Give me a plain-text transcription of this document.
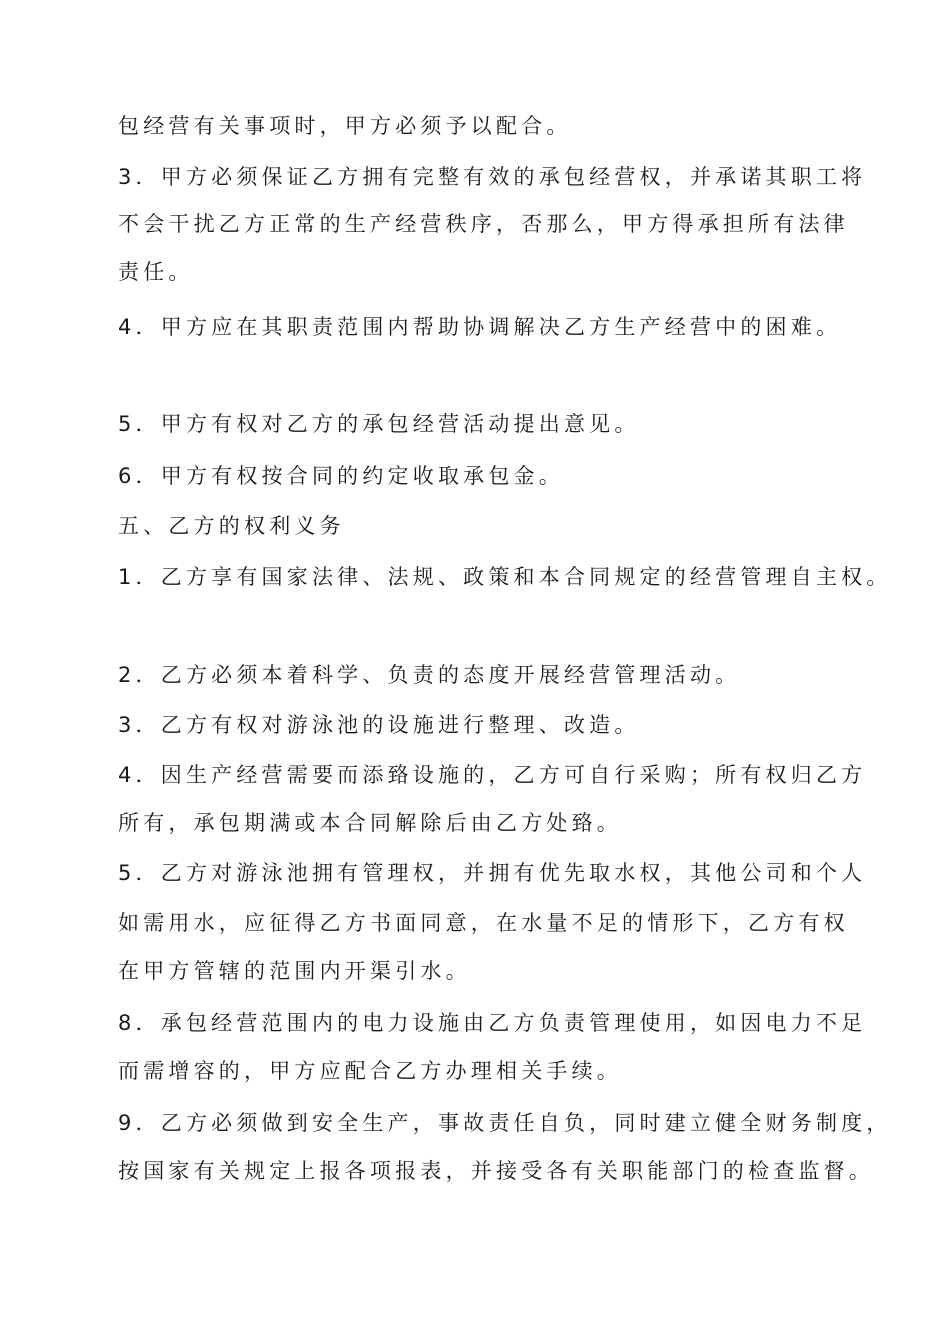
包经营有关事项时，甲方必须予以配合。
3．甲方必须保证乙方拥有完整有效的承包经营权，并承诺其职工将
不会干扰乙方正常的生产经营秩序，否那么，甲方得承担所有法律
责任。
4．甲方应在其职责范围内帮助协调解决乙方生产经营中的困难。
5．甲方有权对乙方的承包经营活动提出意见。
6．甲方有权按合同的约定收取承包金。
五、乙方的权利义务
1．乙方享有国家法律、法规、政策和本合同规定的经营管理自主权。
2．乙方必须本着科学、负责的态度开展经营管理活动。
3．乙方有权对游泳池的设施进行整理、改造。
4．因生产经营需要而添臵设施的，乙方可自行采购；所有权归乙方
所有，承包期满或本合同解除后由乙方处臵。
5．乙方对游泳池拥有管理权，并拥有优先取水权，其他公司和个人
如需用水，应征得乙方书面同意，在水量不足的情形下，乙方有权
在甲方管辖的范围内开渠引水。
8．承包经营范围内的电力设施由乙方负责管理使用，如因电力不足
而需增容的，甲方应配合乙方办理相关手续。
9．乙方必须做到安全生产，事故责任自负，同时建立健全财务制度，
按国家有关规定上报各项报表，并接受各有关职能部门的检查监督。
